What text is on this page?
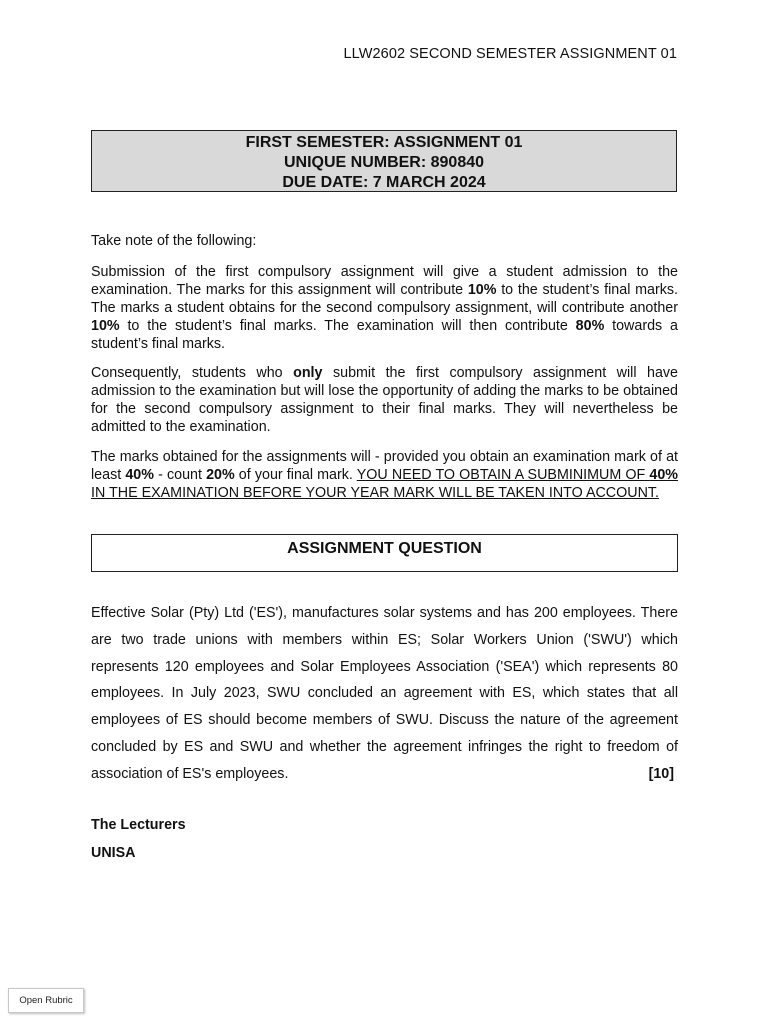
LLW2602 SECOND SEMESTER ASSIGNMENT 01
FIRST SEMESTER: ASSIGNMENT 01
UNIQUE NUMBER: 890840
DUE DATE: 7 MARCH 2024
Take note of the following:

Submission of the first compulsory assignment will give a student admission to the examination. The marks for this assignment will contribute 10% to the student’s final marks. The marks a student obtains for the second compulsory assignment, will contribute another 10% to the student’s final marks. The examination will then contribute 80% towards a student’s final marks.

Consequently, students who only submit the first compulsory assignment will have admission to the examination but will lose the opportunity of adding the marks to be obtained for the second compulsory assignment to their final marks. They will nevertheless be admitted to the examination.

The marks obtained for the assignments will - provided you obtain an examination mark of at least 40% - count 20% of your final mark. YOU NEED TO OBTAIN A SUBMINIMUM OF 40% IN THE EXAMINATION BEFORE YOUR YEAR MARK WILL BE TAKEN INTO ACCOUNT.

ASSIGNMENT QUESTION
Effective Solar (Pty) Ltd ('ES'), manufactures solar systems and has 200 employees. There are two trade unions with members within ES; Solar Workers Union ('SWU') which represents 120 employees and Solar Employees Association ('SEA') which represents 80 employees. In July 2023, SWU concluded an agreement with ES, which states that all employees of ES should become members of SWU. Discuss the nature of the agreement concluded by ES and SWU and whether the agreement infringes the right to freedom of association of ES's employees.	[10]
The Lecturers
UNISA
Open Rubric
